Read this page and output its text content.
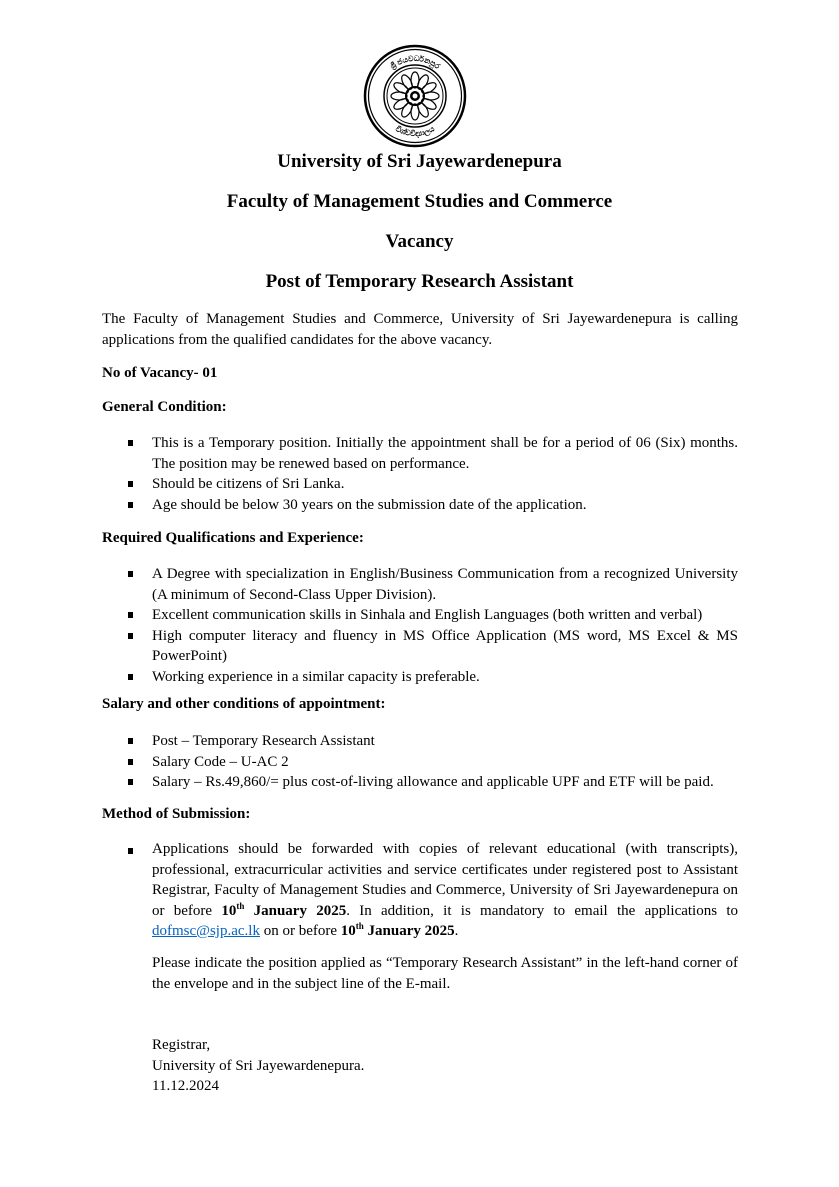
ශ්‍රී ජයවර්ධනපුර
විශ්වවිද්‍යාලය
University of Sri Jayewardenepura
Faculty of Management Studies and Commerce
Vacancy
Post of Temporary Research Assistant
The Faculty of Management Studies and Commerce, University of Sri Jayewardenepura is calling applications from the qualified candidates for the above vacancy.
No of Vacancy- 01
General Condition:
This is a Temporary position. Initially the appointment shall be for a period of 06 (Six) months. The position may be renewed based on performance.
Should be citizens of Sri Lanka.
Age should be below 30 years on the submission date of the application.
Required Qualifications and Experience:
A Degree with specialization in English/Business Communication from a recognized University (A minimum of Second-Class Upper Division).
Excellent communication skills in Sinhala and English Languages (both written and verbal)
High computer literacy and fluency in MS Office Application (MS word, MS Excel & MS PowerPoint)
Working experience in a similar capacity is preferable.
Salary and other conditions of appointment:
Post – Temporary Research Assistant
Salary Code – U-AC 2
Salary – Rs.49,860/= plus cost-of-living allowance and applicable UPF and ETF will be paid.
Method of Submission:
Applications should be forwarded with copies of relevant educational (with transcripts), professional, extracurricular activities and service certificates under registered post to Assistant Registrar, Faculty of Management Studies and Commerce, University of Sri Jayewardenepura on or before 10th January 2025. In addition, it is mandatory to email the applications to dofmsc@sjp.ac.lk on or before 10th January 2025.
Please indicate the position applied as “Temporary Research Assistant” in the left-hand corner of the envelope and in the subject line of the E-mail.
Registrar,
University of Sri Jayewardenepura.
11.12.2024
